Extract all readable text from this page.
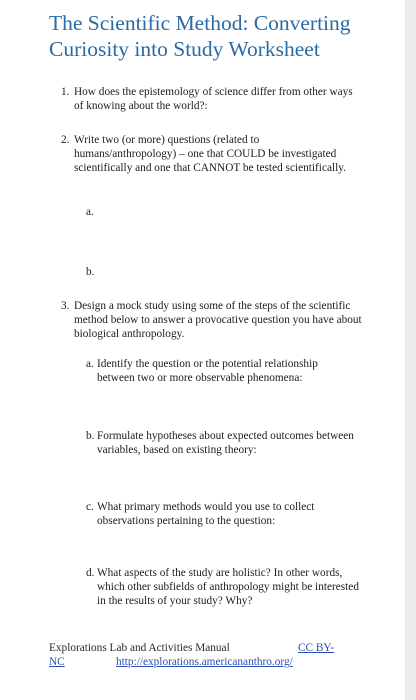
The Scientific Method: Converting Curiosity into Study Worksheet
1. How does the epistemology of science differ from other ways of knowing about the world?:
2. Write two (or more) questions (related to humans/anthropology) – one that COULD be investigated scientifically and one that CANNOT be tested scientifically.
a.
b.
3. Design a mock study using some of the steps of the scientific method below to answer a provocative question you have about biological anthropology.
a. Identify the question or the potential relationship between two or more observable phenomena:
b. Formulate hypotheses about expected outcomes between variables, based on existing theory:
c. What primary methods would you use to collect observations pertaining to the question:
d. What aspects of the study are holistic? In other words, which other subfields of anthropology might be interested in the results of your study? Why?
Explorations Lab and Activities Manual	CC BY-
NC	http://explorations.americananthro.org/
